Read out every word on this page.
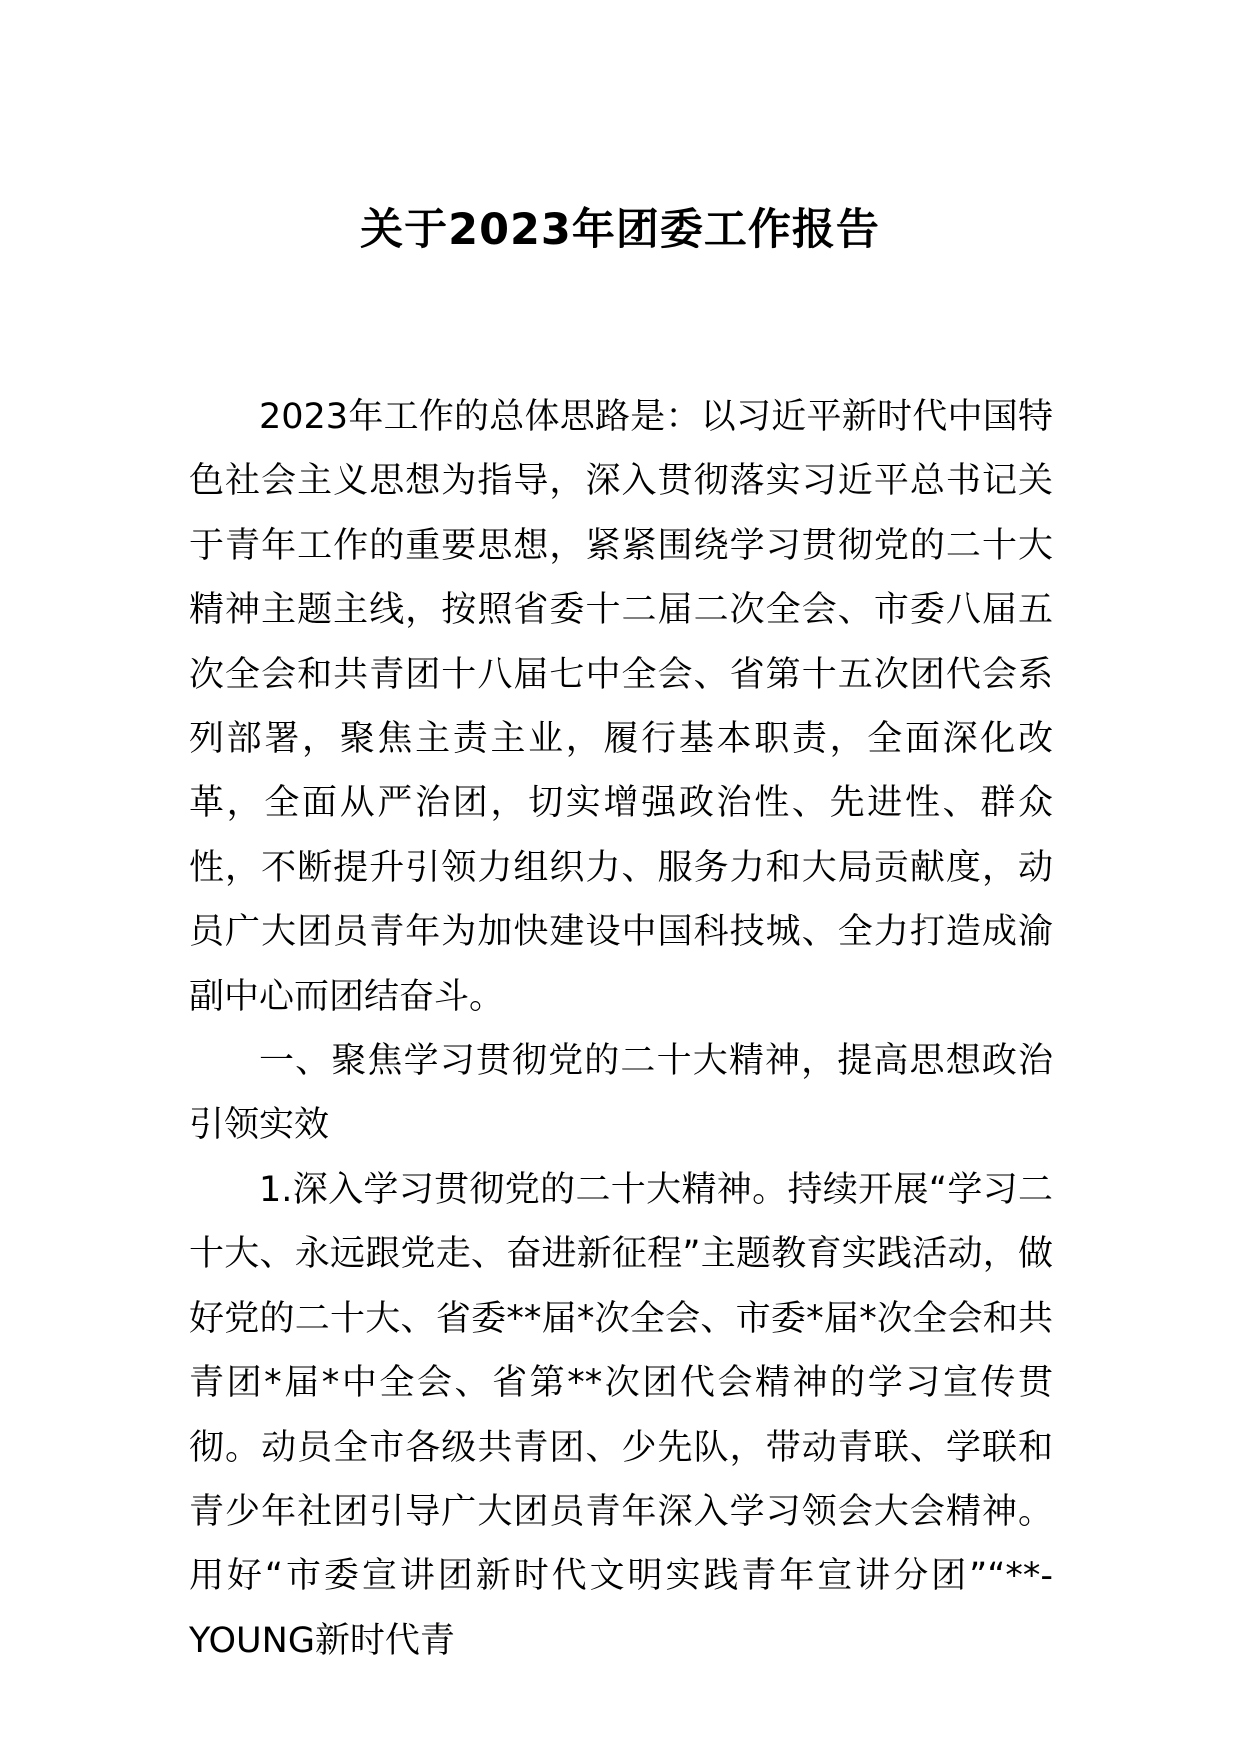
关于2023年团委工作报告

2023年工作的总体思路是：以习近平新时代中国特色社会主义思想为指导，深入贯彻落实习近平总书记关于青年工作的重要思想，紧紧围绕学习贯彻党的二十大精神主题主线，按照省委十二届二次全会、市委八届五次全会和共青团十八届七中全会、省第十五次团代会系列部署，聚焦主责主业，履行基本职责，全面深化改革，全面从严治团，切实增强政治性、先进性、群众性，不断提升引领力组织力、服务力和大局贡献度，动员广大团员青年为加快建设中国科技城、全力打造成渝副中心而团结奋斗。

一、聚焦学习贯彻党的二十大精神，提高思想政治引领实效

1.深入学习贯彻党的二十大精神。持续开展“学习二十大、永远跟党走、奋进新征程”主题教育实践活动，做好党的二十大、省委**届*次全会、市委*届*次全会和共青团*届*中全会、省第**次团代会精神的学习宣传贯彻。动员全市各级共青团、少先队，带动青联、学联和青少年社团引导广大团员青年深入学习领会大会精神。用好“市委宣讲团新时代文明实践青年宣讲分团”“**-YOUNG新时代青
